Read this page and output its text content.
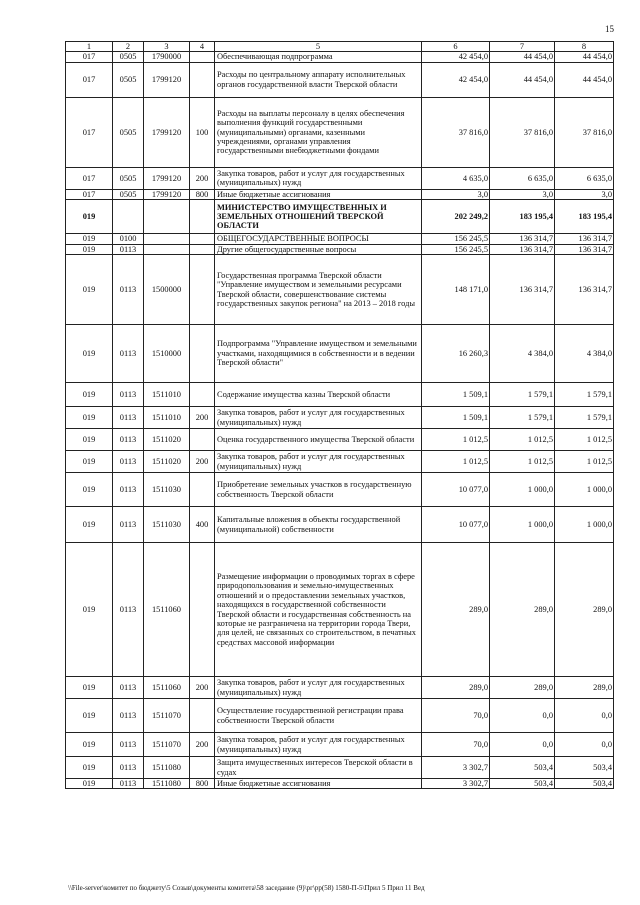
15
1	2	3	4	5	6	7	8
017	0505	1790000		Обеспечивающая подпрограмма	42 454,0	44 454,0	44 454,0
017	0505	1799120		Расходы по центральному аппарату исполнительных органов государственной власти Тверской области	42 454,0	44 454,0	44 454,0
017	0505	1799120	100	Расходы на выплаты персоналу в целях обеспечения выполнения функций государственными (муниципальными) органами, казенными учреждениями, органами управления государственными внебюджетными фондами	37 816,0	37 816,0	37 816,0
017	0505	1799120	200	Закупка товаров, работ и услуг для государственных (муниципальных) нужд	4 635,0	6 635,0	6 635,0
017	0505	1799120	800	Иные бюджетные ассигнования	3,0	3,0	3,0
019				МИНИСТЕРСТВО ИМУЩЕСТВЕННЫХ И ЗЕМЕЛЬНЫХ ОТНОШЕНИЙ ТВЕРСКОЙ ОБЛАСТИ	202 249,2	183 195,4	183 195,4
019	0100			ОБЩЕГОСУДАРСТВЕННЫЕ ВОПРОСЫ	156 245,5	136 314,7	136 314,7
019	0113			Другие общегосударственные вопросы	156 245,5	136 314,7	136 314,7
019	0113	1500000		Государственная программа Тверской области "Управление имуществом и земельными ресурсами Тверской области, совершенствование системы государственных закупок региона" на 2013 – 2018 годы	148 171,0	136 314,7	136 314,7
019	0113	1510000		Подпрограмма "Управление имуществом и земельными участками, находящимися в собственности и в ведении Тверской области"	16 260,3	4 384,0	4 384,0
019	0113	1511010		Содержание имущества казны Тверской области	1 509,1	1 579,1	1 579,1
019	0113	1511010	200	Закупка товаров, работ и услуг для государственных (муниципальных) нужд	1 509,1	1 579,1	1 579,1
019	0113	1511020		Оценка государственного имущества Тверской области	1 012,5	1 012,5	1 012,5
019	0113	1511020	200	Закупка товаров, работ и услуг для государственных (муниципальных) нужд	1 012,5	1 012,5	1 012,5
019	0113	1511030		Приобретение земельных участков в государственную собственность Тверской области	10 077,0	1 000,0	1 000,0
019	0113	1511030	400	Капитальные вложения в объекты государственной (муниципальной) собственности	10 077,0	1 000,0	1 000,0
019	0113	1511060		Размещение информации о проводимых торгах в сфере природопользования и земельно-имущественных отношений и о предоставлении земельных участков, находящихся в государственной собственности Тверской области и государственная собственность на которые не разграничена на территории города Твери, для целей, не связанных со строительством, в печатных средствах массовой информации	289,0	289,0	289,0
019	0113	1511060	200	Закупка товаров, работ и услуг для государственных (муниципальных) нужд	289,0	289,0	289,0
019	0113	1511070		Осуществление государственной регистрации права собственности Тверской области	70,0	0,0	0,0
019	0113	1511070	200	Закупка товаров, работ и услуг для государственных (муниципальных) нужд	70,0	0,0	0,0
019	0113	1511080		Защита имущественных интересов Тверской области в судах	3 302,7	503,4	503,4
019	0113	1511080	800	Иные бюджетные ассигнования	3 302,7	503,4	503,4
\\File-server\комитет по бюджету\5 Созыв\документы комитета\58 заседание (9)\рг\рр(58) 1580-П-5\Прил 5 Прил 11 Вед
